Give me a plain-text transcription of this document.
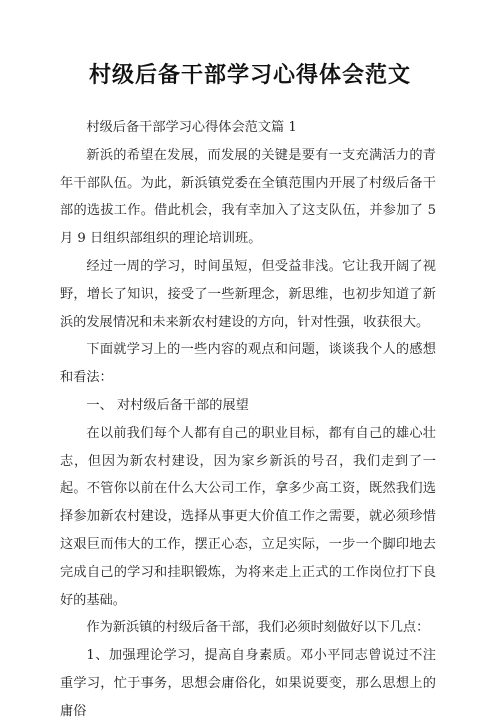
村级后备干部学习心得体会范文

村级后备干部学习心得体会范文篇 1

新浜的希望在发展，而发展的关键是要有一支充满活力的青年干部队伍。为此，新浜镇党委在全镇范围内开展了村级后备干部的选拔工作。借此机会，我有幸加入了这支队伍，并参加了 5 月 9 日组织部组织的理论培训班。

经过一周的学习，时间虽短，但受益非浅。它让我开阔了视野，增长了知识，接受了一些新理念，新思维，也初步知道了新浜的发展情况和未来新农村建设的方向，针对性强，收获很大。

下面就学习上的一些内容的观点和问题，谈谈我个人的感想和看法：

一、 对村级后备干部的展望

在以前我们每个人都有自己的职业目标，都有自己的雄心壮志，但因为新农村建设，因为家乡新浜的号召，我们走到了一起。不管你以前在什么大公司工作，拿多少高工资，既然我们选择参加新农村建设，选择从事更大价值工作之需要，就必须珍惜这艰巨而伟大的工作，摆正心态，立足实际，一步一个脚印地去完成自己的学习和挂职锻炼，为将来走上正式的工作岗位打下良好的基础。

作为新浜镇的村级后备干部，我们必须时刻做好以下几点：

1、加强理论学习，提高自身素质。邓小平同志曾说过不注重学习，忙于事务，思想会庸俗化，如果说要变，那么思想上的庸俗
